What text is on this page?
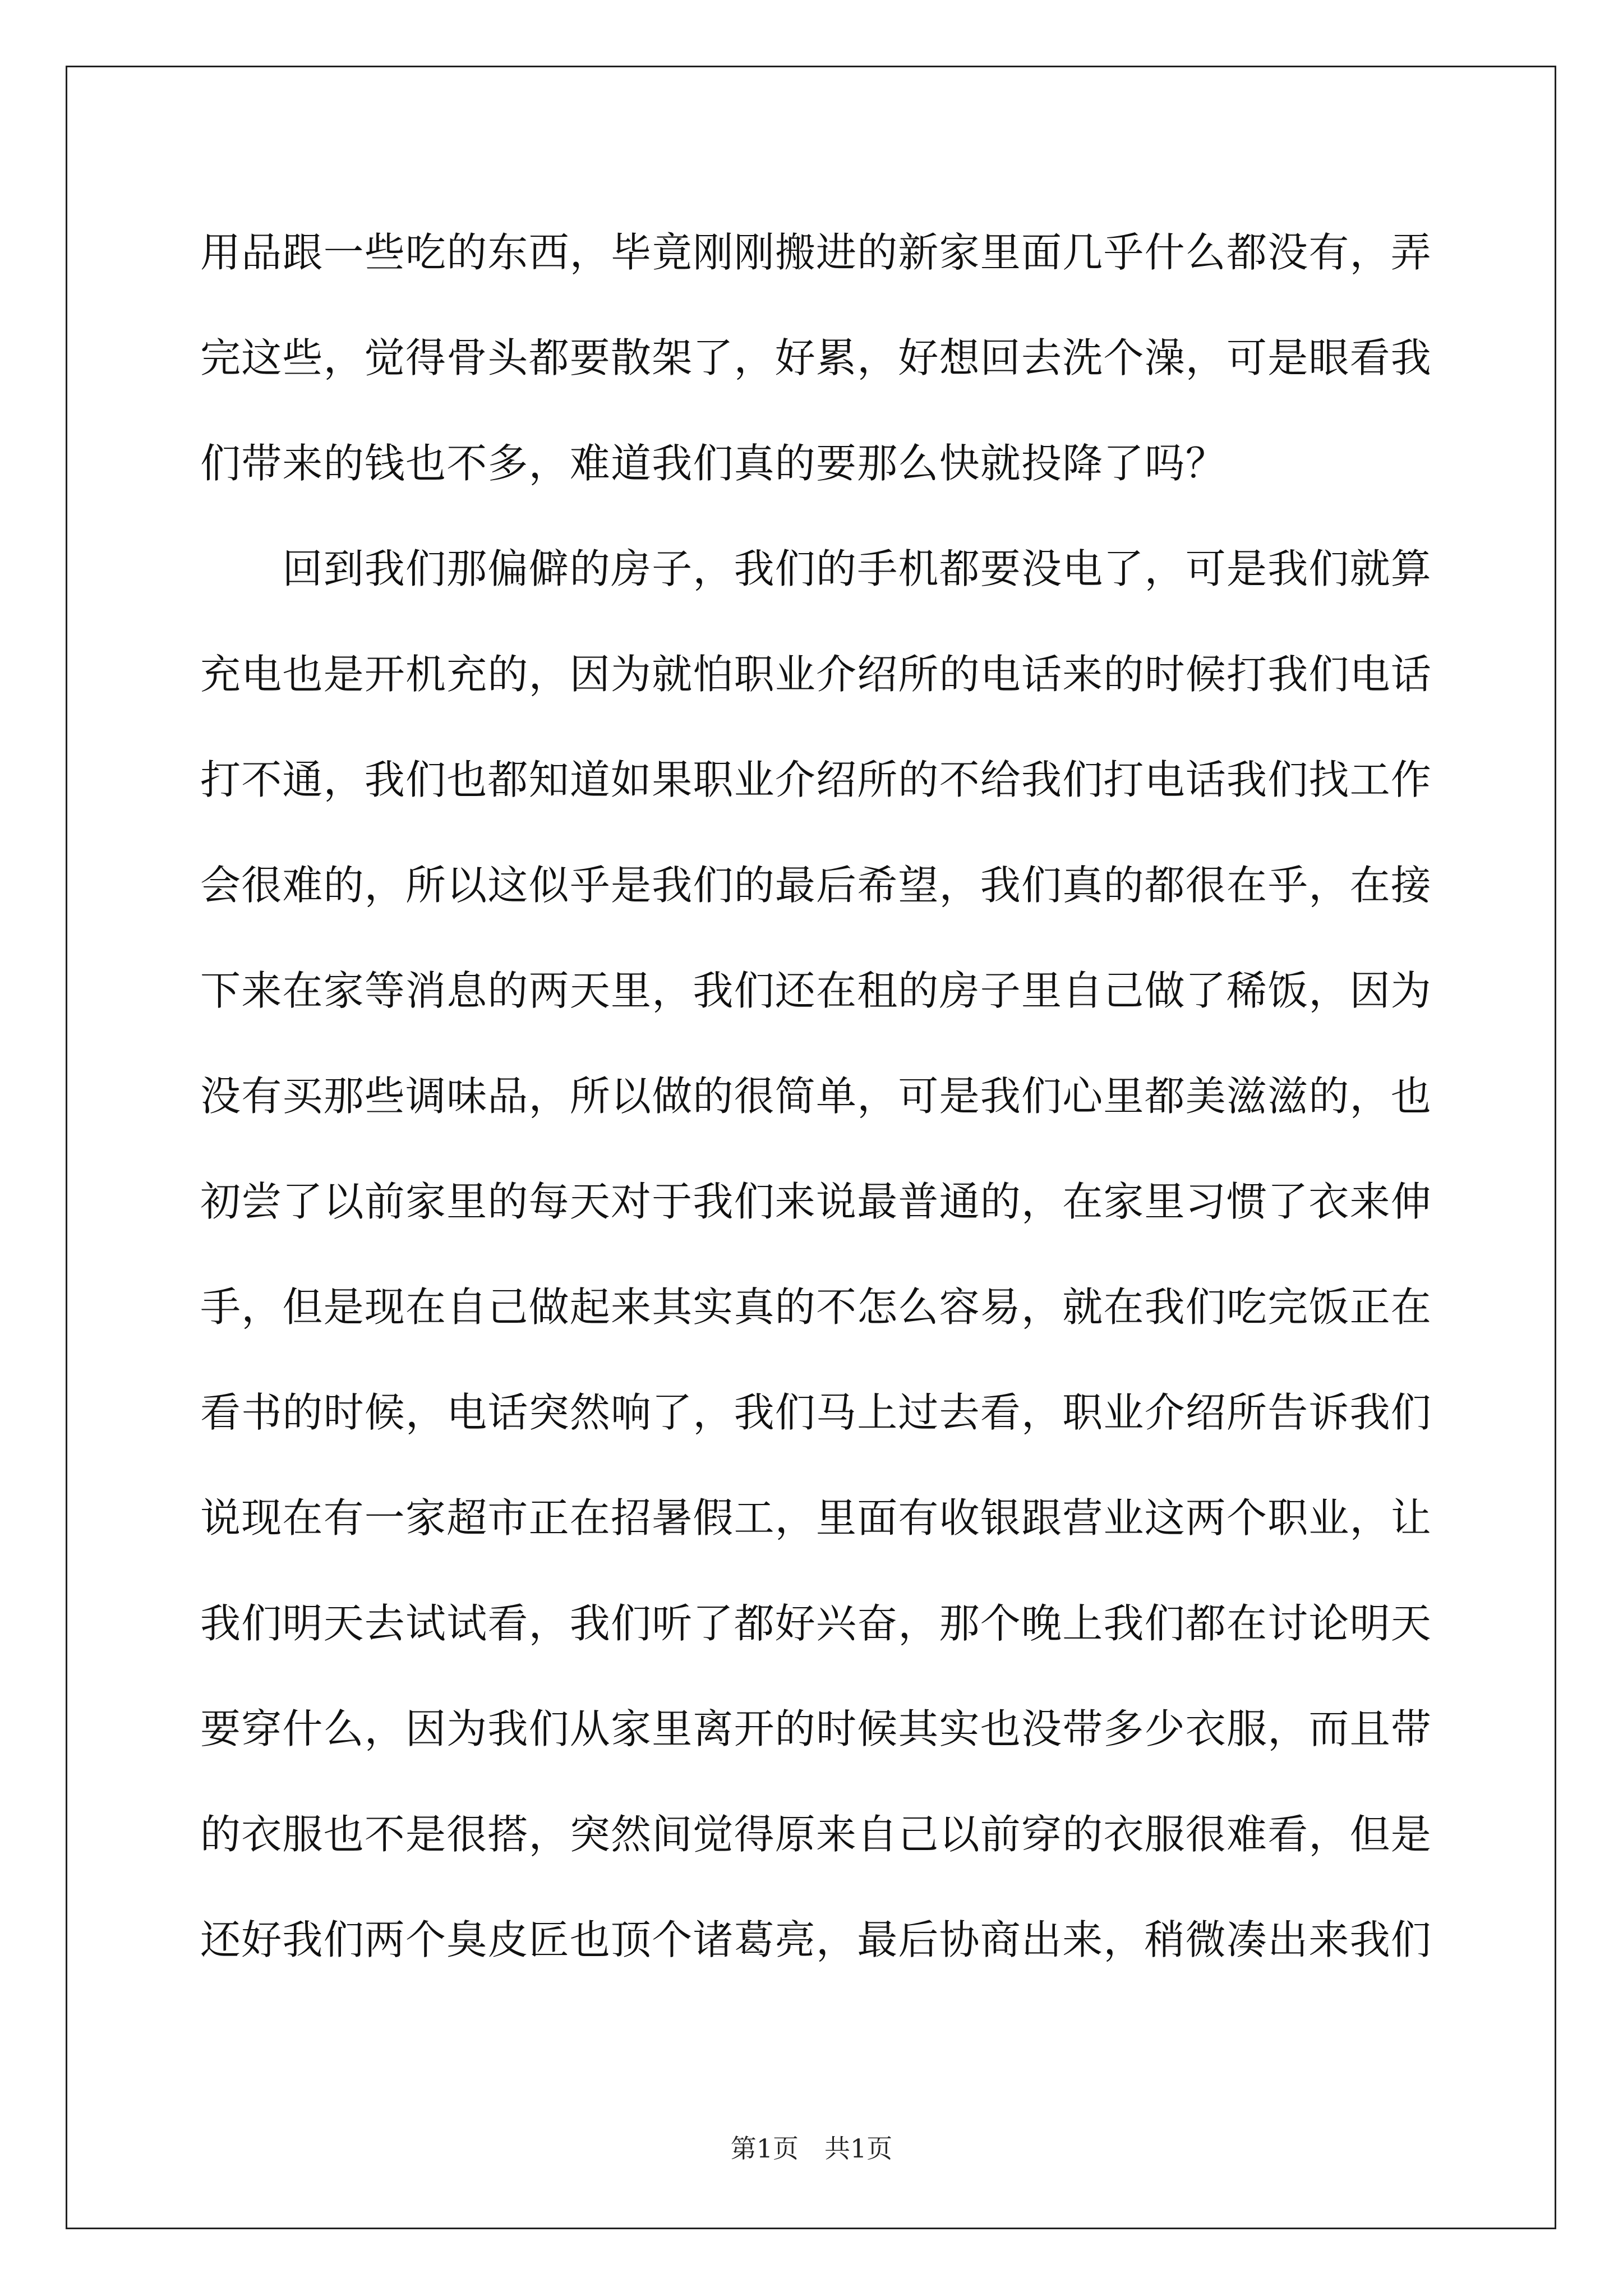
用品跟一些吃的东西，毕竟刚刚搬进的新家里面几乎什么都没有，弄
完这些，觉得骨头都要散架了，好累，好想回去洗个澡，可是眼看我
们带来的钱也不多，难道我们真的要那么快就投降了吗？
　　回到我们那偏僻的房子，我们的手机都要没电了，可是我们就算
充电也是开机充的，因为就怕职业介绍所的电话来的时候打我们电话
打不通，我们也都知道如果职业介绍所的不给我们打电话我们找工作
会很难的，所以这似乎是我们的最后希望，我们真的都很在乎，在接
下来在家等消息的两天里，我们还在租的房子里自己做了稀饭，因为
没有买那些调味品，所以做的很简单，可是我们心里都美滋滋的，也
初尝了以前家里的每天对于我们来说最普通的，在家里习惯了衣来伸
手，但是现在自己做起来其实真的不怎么容易，就在我们吃完饭正在
看书的时候，电话突然响了，我们马上过去看，职业介绍所告诉我们
说现在有一家超市正在招暑假工，里面有收银跟营业这两个职业，让
我们明天去试试看，我们听了都好兴奋，那个晚上我们都在讨论明天
要穿什么，因为我们从家里离开的时候其实也没带多少衣服，而且带
的衣服也不是很搭，突然间觉得原来自己以前穿的衣服很难看，但是
还好我们两个臭皮匠也顶个诸葛亮，最后协商出来，稍微凑出来我们
第1页　共1页
